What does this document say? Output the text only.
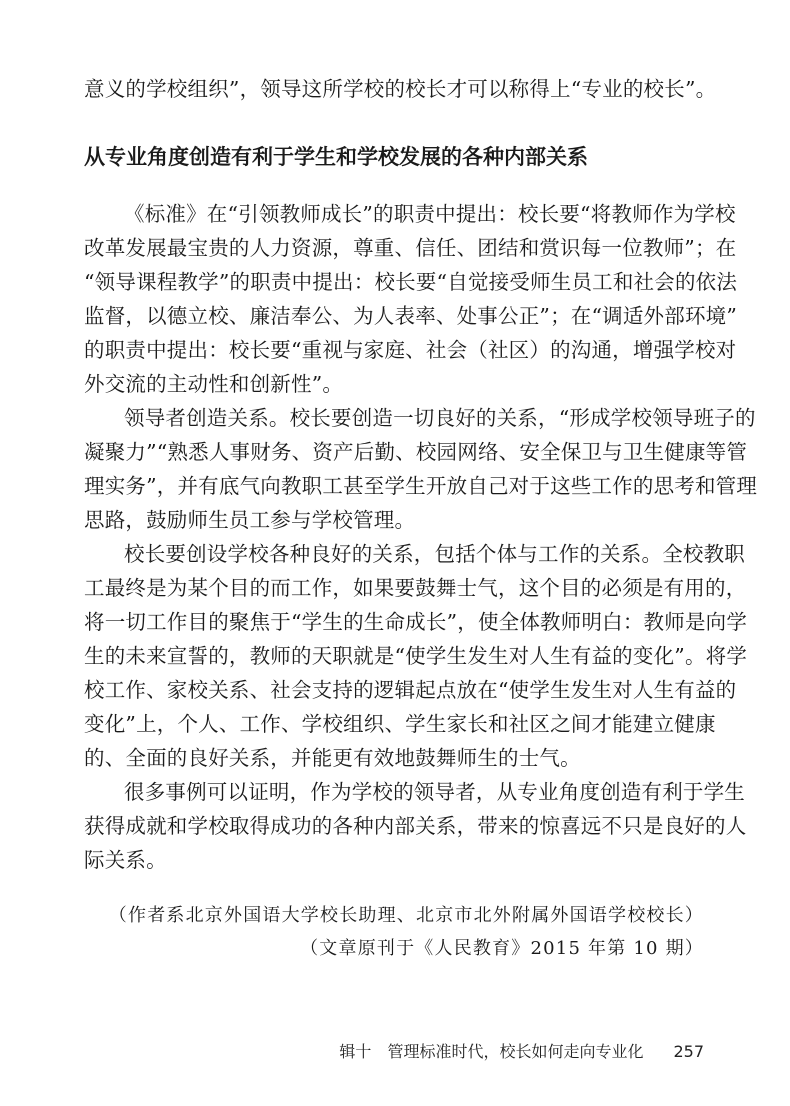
意义的学校组织”，领导这所学校的校长才可以称得上“专业的校长”。
从专业角度创造有利于学生和学校发展的各种内部关系
《标准》在“引领教师成长”的职责中提出：校长要“将教师作为学校
改革发展最宝贵的人力资源，尊重、信任、团结和赏识每一位教师”；在
“领导课程教学”的职责中提出：校长要“自觉接受师生员工和社会的依法
监督，以德立校、廉洁奉公、为人表率、处事公正”；在“调适外部环境”
的职责中提出：校长要“重视与家庭、社会（社区）的沟通，增强学校对
外交流的主动性和创新性”。
领导者创造关系。校长要创造一切良好的关系，“形成学校领导班子的
凝聚力”“熟悉人事财务、资产后勤、校园网络、安全保卫与卫生健康等管
理实务”，并有底气向教职工甚至学生开放自己对于这些工作的思考和管理
思路，鼓励师生员工参与学校管理。
校长要创设学校各种良好的关系，包括个体与工作的关系。全校教职
工最终是为某个目的而工作，如果要鼓舞士气，这个目的必须是有用的，
将一切工作目的聚焦于“学生的生命成长”，使全体教师明白：教师是向学
生的未来宣誓的，教师的天职就是“使学生发生对人生有益的变化”。将学
校工作、家校关系、社会支持的逻辑起点放在“使学生发生对人生有益的
变化”上，个人、工作、学校组织、学生家长和社区之间才能建立健康
的、全面的良好关系，并能更有效地鼓舞师生的士气。
很多事例可以证明，作为学校的领导者，从专业角度创造有利于学生
获得成就和学校取得成功的各种内部关系，带来的惊喜远不只是良好的人
际关系。
（作者系北京外国语大学校长助理、北京市北外附属外国语学校校长）
（文章原刊于《人民教育》2015 年第 10 期）
辑十 管理标准时代，校长如何走向专业化 257
